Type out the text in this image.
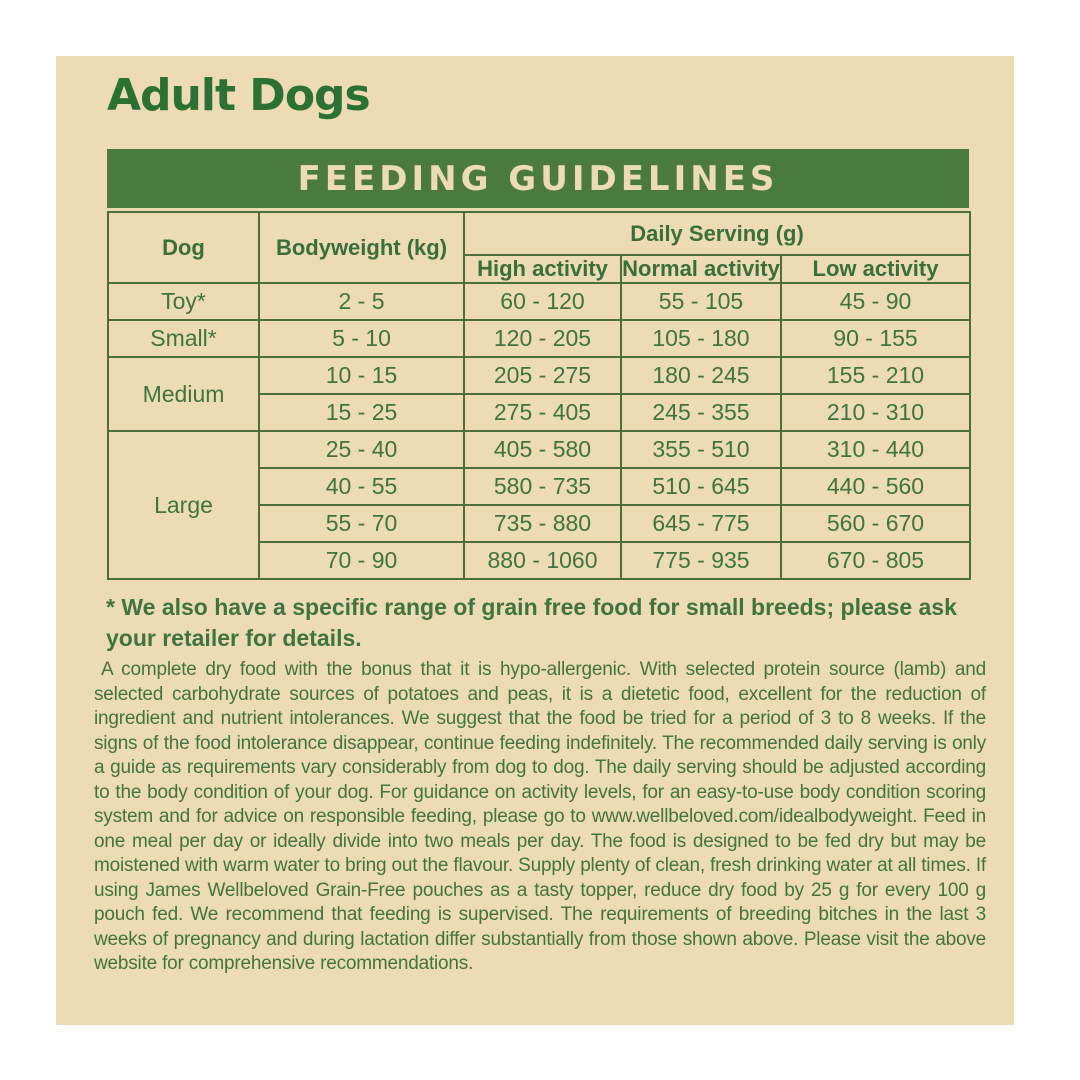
Adult Dogs
FEEDING GUIDELINES
Dog	Bodyweight (kg)	Daily Serving (g)		
		High activity	Normal activity	Low activity
Toy*	2 - 5	60 - 120	55 - 105	45 - 90
Small*	5 - 10	120 - 205	105 - 180	90 - 155
Medium	10 - 15	205 - 275	180 - 245	155 - 210
	15 - 25	275 - 405	245 - 355	210 - 310
Large	25 - 40	405 - 580	355 - 510	310 - 440
	40 - 55	580 - 735	510 - 645	440 - 560
	55 - 70	735 - 880	645 - 775	560 - 670
	70 - 90	880 - 1060	775 - 935	670 - 805
* We also have a specific range of grain free food for small breeds; please ask your retailer for details.
A complete dry food with the bonus that it is hypo-allergenic. With selected protein source (lamb) and selected carbohydrate sources of potatoes and peas, it is a dietetic food, excellent for the reduction of ingredient and nutrient intolerances. We suggest that the food be tried for a period of 3 to 8 weeks. If the signs of the food intolerance disappear, continue feeding indefinitely. The recommended daily serving is only a guide as requirements vary considerably from dog to dog. The daily serving should be adjusted according to the body condition of your dog. For guidance on activity levels, for an easy-to-use body condition scoring system and for advice on responsible feeding, please go to www.wellbeloved.com/idealbodyweight. Feed in one meal per day or ideally divide into two meals per day. The food is designed to be fed dry but may be moistened with warm water to bring out the flavour. Supply plenty of clean, fresh drinking water at all times. If using James Wellbeloved Grain-Free pouches as a tasty topper, reduce dry food by 25 g for every 100 g pouch fed. We recommend that feeding is supervised. The requirements of breeding bitches in the last 3 weeks of pregnancy and during lactation differ substantially from those shown above. Please visit the above website for comprehensive recommendations.
